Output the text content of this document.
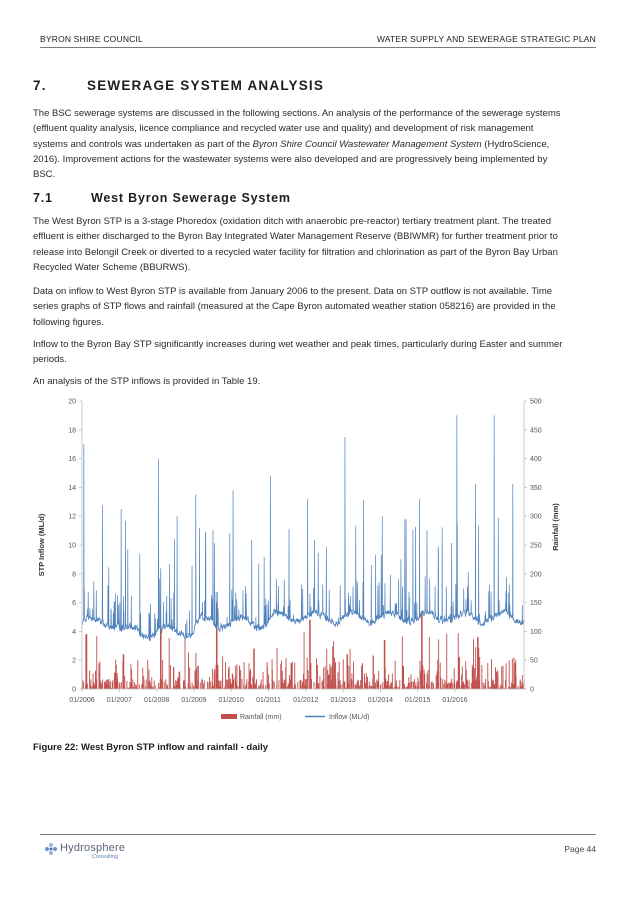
BYRON SHIRE COUNCIL	WATER SUPPLY AND SEWERAGE STRATEGIC PLAN
7.	SEWERAGE SYSTEM ANALYSIS

The BSC sewerage systems are discussed in the following sections. An analysis of the performance of the sewerage systems (effluent quality analysis, licence compliance and recycled water use and quality) and development of risk management systems and controls was undertaken as part of the Byron Shire Council Wastewater Management System (HydroScience, 2016). Improvement actions for the wastewater systems were also developed and are progressively being implemented by BSC.

7.1	West Byron Sewerage System

The West Byron STP is a 3-stage Phoredox (oxidation ditch with anaerobic pre-reactor) tertiary treatment plant. The treated effluent is either discharged to the Byron Bay Integrated Water Management Reserve (BBIWMR) for further treatment prior to release into Belongil Creek or diverted to a recycled water facility for filtration and chlorination as part of the Byron Bay Urban Recycled Water Scheme (BBURWS).

Data on inflow to West Byron STP is available from January 2006 to the present. Data on STP outflow is not available. Time series graphs of STP flows and rainfall (measured at the Cape Byron automated weather station 058216) are provided in the following figures.

Inflow to the Byron Bay STP significantly increases during wet weather and peak times, particularly during Easter and summer periods.

An analysis of the STP inflows is provided in Table 19.

0
2
4
6
8
10
12
14
16
18
20
0
50
100
150
200
250
300
350
400
450
500
01/2006 01/2007 01/2008 01/2009 01/2010 01/2011 01/2012 01/2013 01/2014 01/2015 01/2016
STP Inflow (ML/d)	Rainfall (mm)
Rainfall (mm)	Inflow (ML/d)
Figure 22: West Byron STP inflow and rainfall - daily
Hydrosphere
Consulting
Page 44
